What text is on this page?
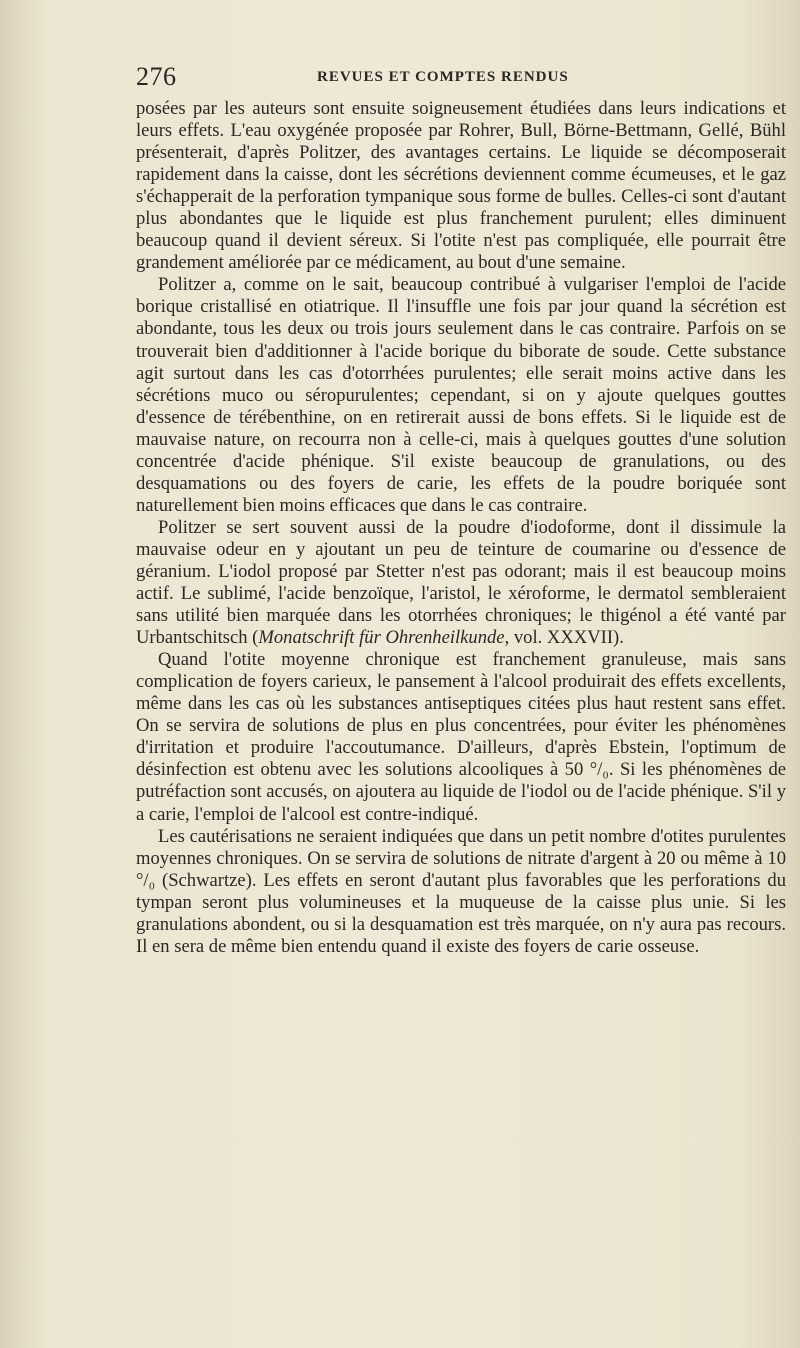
276	REVUES ET COMPTES RENDUS

posées par les auteurs sont ensuite soigneusement étudiées dans leurs indications et leurs effets. L'eau oxygénée proposée par Rohrer, Bull, Börne-Bettmann, Gellé, Bühl présenterait, d'après Politzer, des avantages certains. Le liquide se décomposerait rapidement dans la caisse, dont les sécrétions deviennent comme écumeuses, et le gaz s'échapperait de la perforation tympanique sous forme de bulles. Celles-ci sont d'autant plus abondantes que le liquide est plus franchement purulent; elles diminuent beaucoup quand il devient séreux. Si l'otite n'est pas compliquée, elle pourrait être grandement améliorée par ce médicament, au bout d'une semaine.

Politzer a, comme on le sait, beaucoup contribué à vulgariser l'emploi de l'acide borique cristallisé en otiatrique. Il l'insuffle une fois par jour quand la sécrétion est abondante, tous les deux ou trois jours seulement dans le cas contraire. Parfois on se trouverait bien d'additionner à l'acide borique du biborate de soude. Cette substance agit surtout dans les cas d'otorrhées purulentes; elle serait moins active dans les sécrétions muco ou séropurulentes; cependant, si on y ajoute quelques gouttes d'essence de térébenthine, on en retirerait aussi de bons effets. Si le liquide est de mauvaise nature, on recourra non à celle-ci, mais à quelques gouttes d'une solution concentrée d'acide phénique. S'il existe beaucoup de granulations, ou des desquamations ou des foyers de carie, les effets de la poudre boriquée sont naturellement bien moins efficaces que dans le cas contraire.

Politzer se sert souvent aussi de la poudre d'iodoforme, dont il dissimule la mauvaise odeur en y ajoutant un peu de teinture de coumarine ou d'essence de géranium. L'iodol proposé par Stetter n'est pas odorant; mais il est beaucoup moins actif. Le sublimé, l'acide benzoïque, l'aristol, le xéroforme, le dermatol sembleraient sans utilité bien marquée dans les otorrhées chroniques; le thigénol a été vanté par Urbantschitsch (Monatschrift für Ohrenheilkunde, vol. XXXVII).

Quand l'otite moyenne chronique est franchement granuleuse, mais sans complication de foyers carieux, le pansement à l'alcool produirait des effets excellents, même dans les cas où les substances antiseptiques citées plus haut restent sans effet. On se servira de solutions de plus en plus concentrées, pour éviter les phénomènes d'irritation et produire l'accoutumance. D'ailleurs, d'après Ebstein, l'optimum de désinfection est obtenu avec les solutions alcooliques à 50 °/₀. Si les phénomènes de putréfaction sont accusés, on ajoutera au liquide de l'iodol ou de l'acide phénique. S'il y a carie, l'emploi de l'alcool est contre-indiqué.

Les cautérisations ne seraient indiquées que dans un petit nombre d'otites purulentes moyennes chroniques. On se servira de solutions de nitrate d'argent à 20 ou même à 10 °/₀ (Schwartze). Les effets en seront d'autant plus favorables que les perforations du tympan seront plus volumineuses et la muqueuse de la caisse plus unie. Si les granulations abondent, ou si la desquamation est très marquée, on n'y aura pas recours. Il en sera de même bien entendu quand il existe des foyers de carie osseuse.
